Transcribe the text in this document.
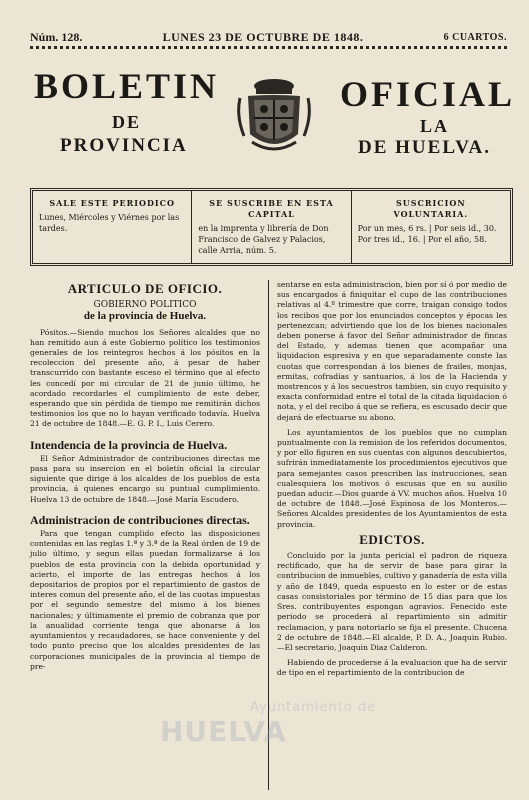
Núm. 128.	LUNES 23 DE OCTUBRE DE 1848.	6 CUARTOS.
BOLETIN
DE
PROVINCIA
OFICIAL
LA
DE HUELVA.
SALE ESTE PERIODICO
Lunes, Miércoles y Viérnes por las tardes.
SE SUSCRIBE EN ESTA CAPITAL
en la imprenta y librería de Don Francisco de Galvez y Palacios, calle Arria, núm. 5.
SUSCRICION VOLUNTARIA.
Por un mes, 6 rs. | Por seis id., 30. Por tres id., 16. | Por el año, 58.
ARTICULO DE OFICIO.
GOBIERNO POLITICO
de la provincia de Huelva.

Pósitos.—Siendo muchos los Señores alcaldes que no han remitido aun á este Gobierno político los testimonios generales de los reintegros hechos á los pósitos en la recoleccion del presente año, á pesar de haber transcurrido con bastante esceso el término que al efecto les concedí por mi circular de 21 de junio último, he acordado recordarles el cumplimiento de este deber, esperando que sin pérdida de tiempo me remitirán dichos testimonios los que no lo hayan verificado todavía. Huelva 21 de octubre de 1848.—E. G. P. I., Luis Cerero.

Intendencia de la provincia de Huelva.

El Señor Administrador de contribuciones directas me pasa para su insercion en el boletín oficial la circular siguiente que dirige á los alcaldes de los pueblos de esta provincia, á quienes encargo su puntual cumplimiento. Huelva 13 de octubre de 1848.—José María Escudero.

Administracion de contribuciones directas.

Para que tengan cumplido efecto las disposiciones contenidas en las reglas 1.ª y 3.ª de la Real órden de 19 de julio último, y segun ellas puedan formalizarse á los pueblos de esta provincia con la debida oportunidad y acierto, el importe de las entregas hechos á los depositarios de propios por el repartimiento de gastos de interes comun del presente año, el de las cuotas impuestas por el segundo semestre del mismo á los bienes nacionales; y últimamente el premio de cobranza que por la anualidad corriente tenga que abonarse á los ayuntamientos y recaudadores, se hace conveniente y del todo punto preciso que los alcaldes presidentes de las corporaciones municipales de la provincia al tiempo de pre-

sentarse en esta administracion, bien por sí ó por medio de sus encargados á finiquitar el cupo de las contribuciones relativas al 4.º trimestre que corre, traigan consigo todos los recibos que por los enunciados conceptos y épocas les pertenezcan; advirtiendo que los de los bienes nacionales deben ponerse á favor del Señor administrador de fincas del Estado, y ademas tienen que acompañar una liquidacion espresiva y en que separadamente conste las cuotas que correspondan á los bienes de frailes, monjas, ermitas, cofradías y santuarios, á los de la Hacienda y mostrencos y á los secuestros tambien, sin cuyo requisito y exacta conformidad entre el total de la citada liquidacion ó nota, y el del recibo á que se refiera, es escusado decir que dejará de efectuarse su abono.

Los ayuntamientos de los pueblos que no cumplan puntualmente con la remision de los referidos documentos, y por ello figuren en sus cuentas con algunos descubiertos, sufrirán inmediatamente los procedimientos ejecutivos que para semejantes casos prescriben las instrucciones, sean cualesquiera los motivos ó escusas que en su ausilio puedan aducir.—Dios guarde á VV. muchos años. Huelva 10 de octubre de 1848.—José Espinosa de los Monteros.—Señores Alcaldes presidentes de los Ayuntamientos de esta provincia.

EDICTOS.

Concluido por la junta pericial el padron de riqueza rectificado, que ha de servir de base para girar la contribucion de inmuebles, cultivo y ganadería de esta villa y año de 1849, queda espuesto en lo ester or de estas casas consistoriales por término de 15 dias para que los Sres. contribuyentes espongan agravios. Fenecido este periodo se procederá al repartimiento sin admitir reclamacion, y para notoriarlo se fija el presente. Chucena 2 de octubre de 1848.—El alcalde, P. D. A., Joaquin Rubio.—El secretario, Joaquin Diaz Calderon.

Habiendo de procederse á la evaluacion que ha de servir de tipo en el repartimiento de la contribucion de

Ayuntamiento de
HUELVA
